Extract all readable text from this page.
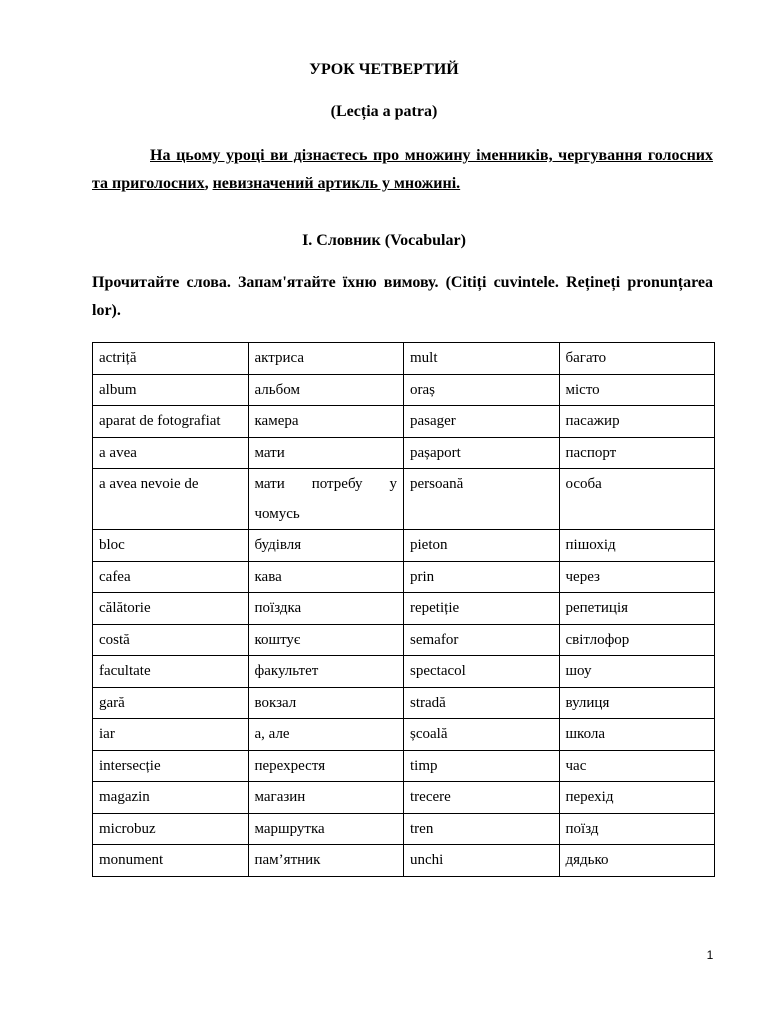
УРОК ЧЕТВЕРТИЙ
(Lecția a patra)

На цьому уроці ви дізнаєтесь про множину іменників, чергування голосних та приголосних, невизначений артикль у множині.

І. Словник (Vocabular)

Прочитайте слова. Запам'ятайте їхню вимову. (Citiți cuvintele. Rețineți pronunțarea lor).

actriță	актриса	mult	багато
album	альбом	oraș	місто
aparat de fotografiat	камера	pasager	пасажир
a avea	мати	pașaport	паспорт
a avea nevoie de	мати потребу у чомусь	persoană	особа
bloc	будівля	pieton	пішохід
cafea	кава	prin	через
călătorie	поїздка	repetiție	репетиція
costă	коштує	semafor	світлофор
facultate	факультет	spectacol	шоу
gară	вокзал	stradă	вулиця
iar	а, але	școală	школа
intersecție	перехрестя	timp	час
magazin	магазин	trecere	перехід
microbuz	маршрутка	tren	поїзд
monument	пам’ятник	unchi	дядько
1
